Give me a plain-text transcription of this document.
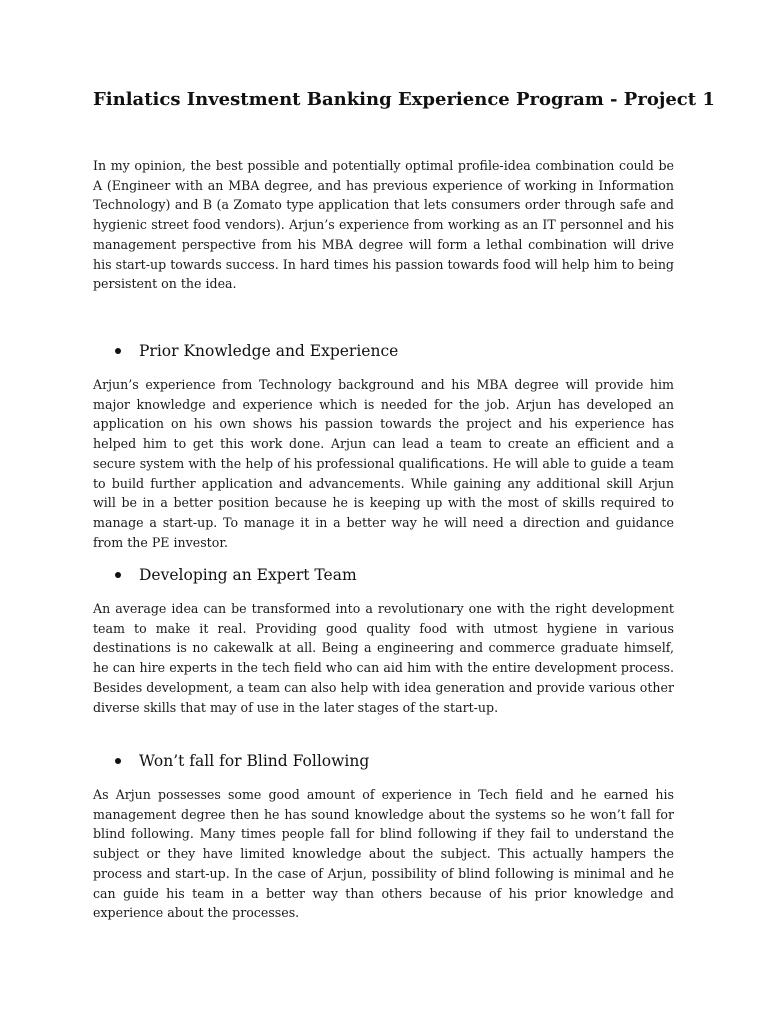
Finlatics Investment Banking Experience Program - Project 1

In my opinion, the best possible and potentially optimal profile-idea combination could be A (Engineer with an MBA degree, and has previous experience of working in Information Technology) and B (a Zomato type application that lets consumers order through safe and hygienic street food vendors). Arjun’s experience from working as an IT personnel and his management perspective from his MBA degree will form a lethal combination will drive his start-up towards success. In hard times his passion towards food will help him to being persistent on the idea.

Prior Knowledge and Experience

Arjun’s experience from Technology background and his MBA degree will provide him major knowledge and experience which is needed for the job. Arjun has developed an application on his own shows his passion towards the project and his experience has helped him to get this work done. Arjun can lead a team to create an efficient and a secure system with the help of his professional qualifications. He will able to guide a team to build further application and advancements. While gaining any additional skill Arjun will be in a better position because he is keeping up with the most of skills required to manage a start-up. To manage it in a better way he will need a direction and guidance from the PE investor.

Developing an Expert Team

An average idea can be transformed into a revolutionary one with the right development team to make it real. Providing good quality food with utmost hygiene in various destinations is no cakewalk at all. Being a engineering and commerce graduate himself, he can hire experts in the tech field who can aid him with the entire development process. Besides development, a team can also help with idea generation and provide various other diverse skills that may of use in the later stages of the start-up.

Won’t fall for Blind Following

As Arjun possesses some good amount of experience in Tech field and he earned his management degree then he has sound knowledge about the systems so he won’t fall for blind following. Many times people fall for blind following if they fail to understand the subject or they have limited knowledge about the subject. This actually hampers the process and start-up. In the case of Arjun, possibility of blind following is minimal and he can guide his team in a better way than others because of his prior knowledge and experience about the processes.
